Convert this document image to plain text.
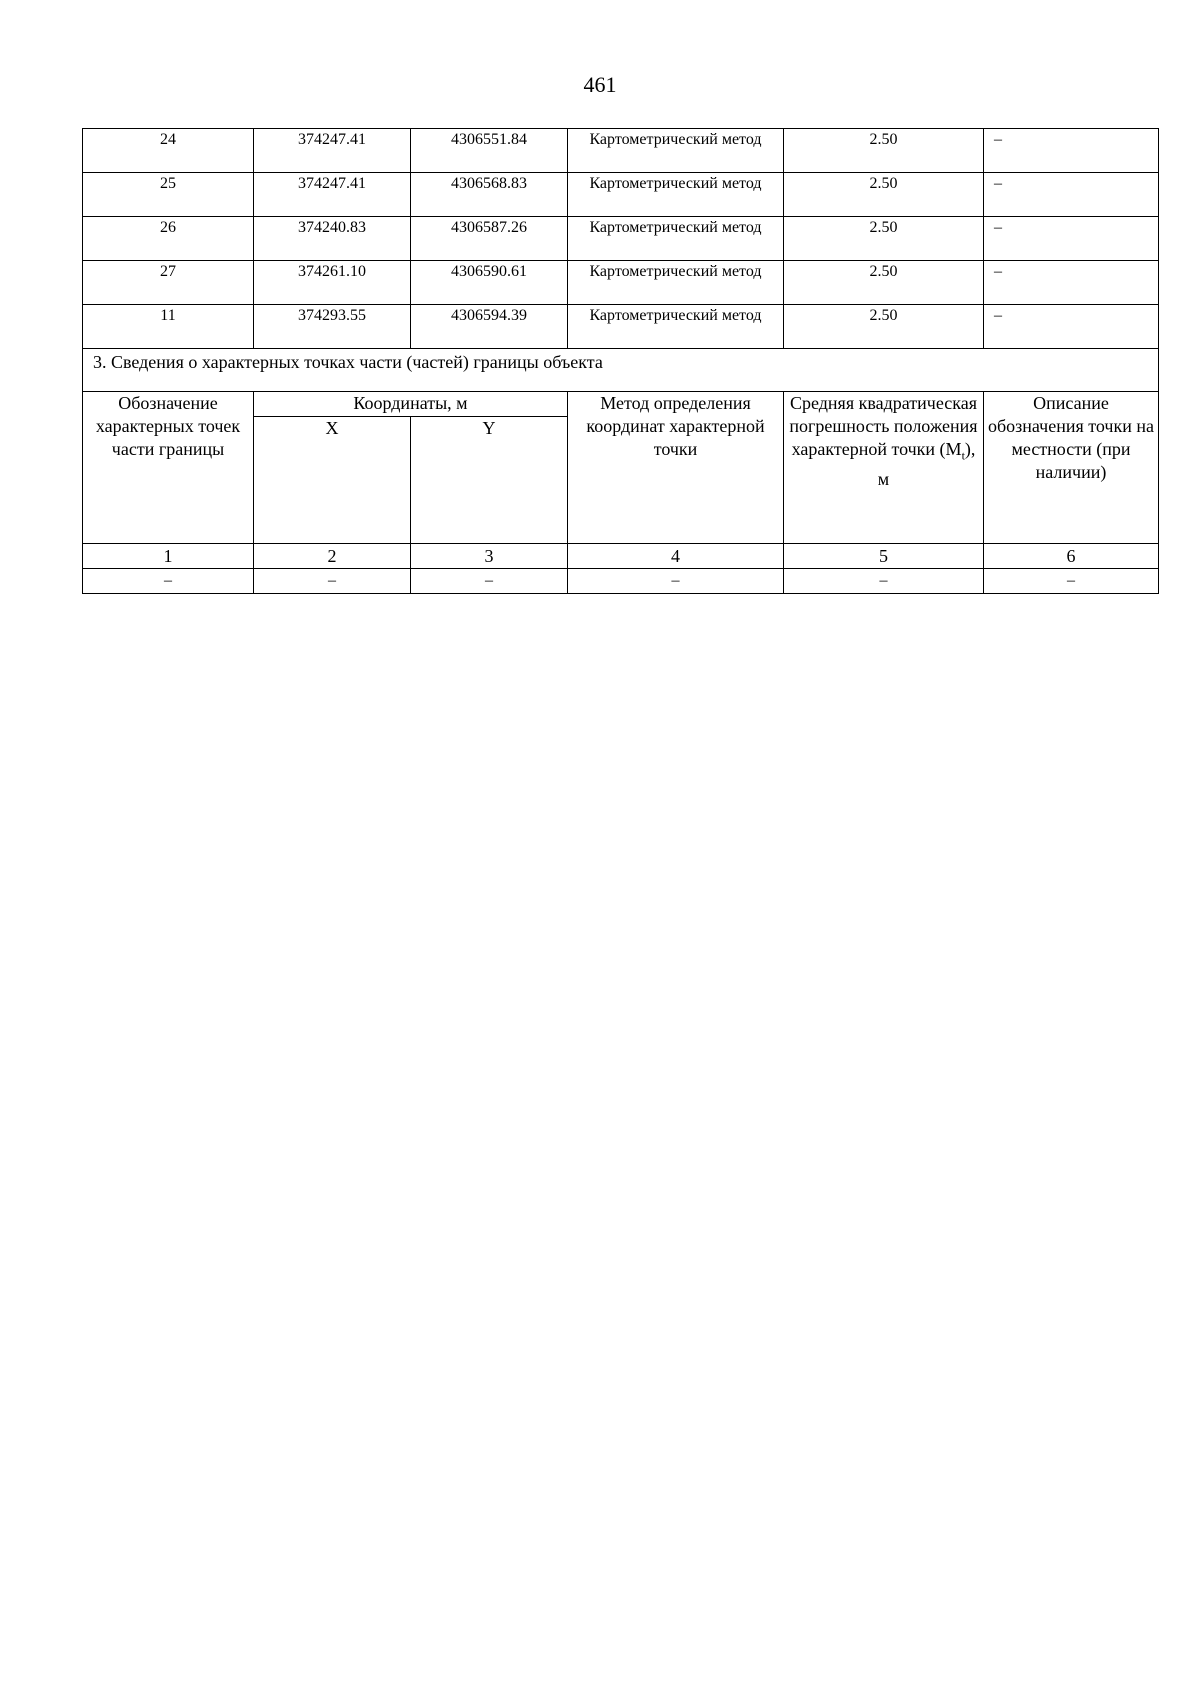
461
24	374247.41	4306551.84	Картометрический метод	2.50	–
25	374247.41	4306568.83	Картометрический метод	2.50	–
26	374240.83	4306587.26	Картометрический метод	2.50	–
27	374261.10	4306590.61	Картометрический метод	2.50	–
11	374293.55	4306594.39	Картометрический метод	2.50	–
3. Сведения о характерных точках части (частей) границы объекта					
Обозначение характерных точек части границы	Координаты, м		Метод определения координат характерной точки	Средняя квадратическая погрешность положения характерной точки $(M_t)$, м	Описание обозначения точки на местности (при наличии)
	X	Y			
1	2	3	4	5	6
–	–	–	–	–	–
